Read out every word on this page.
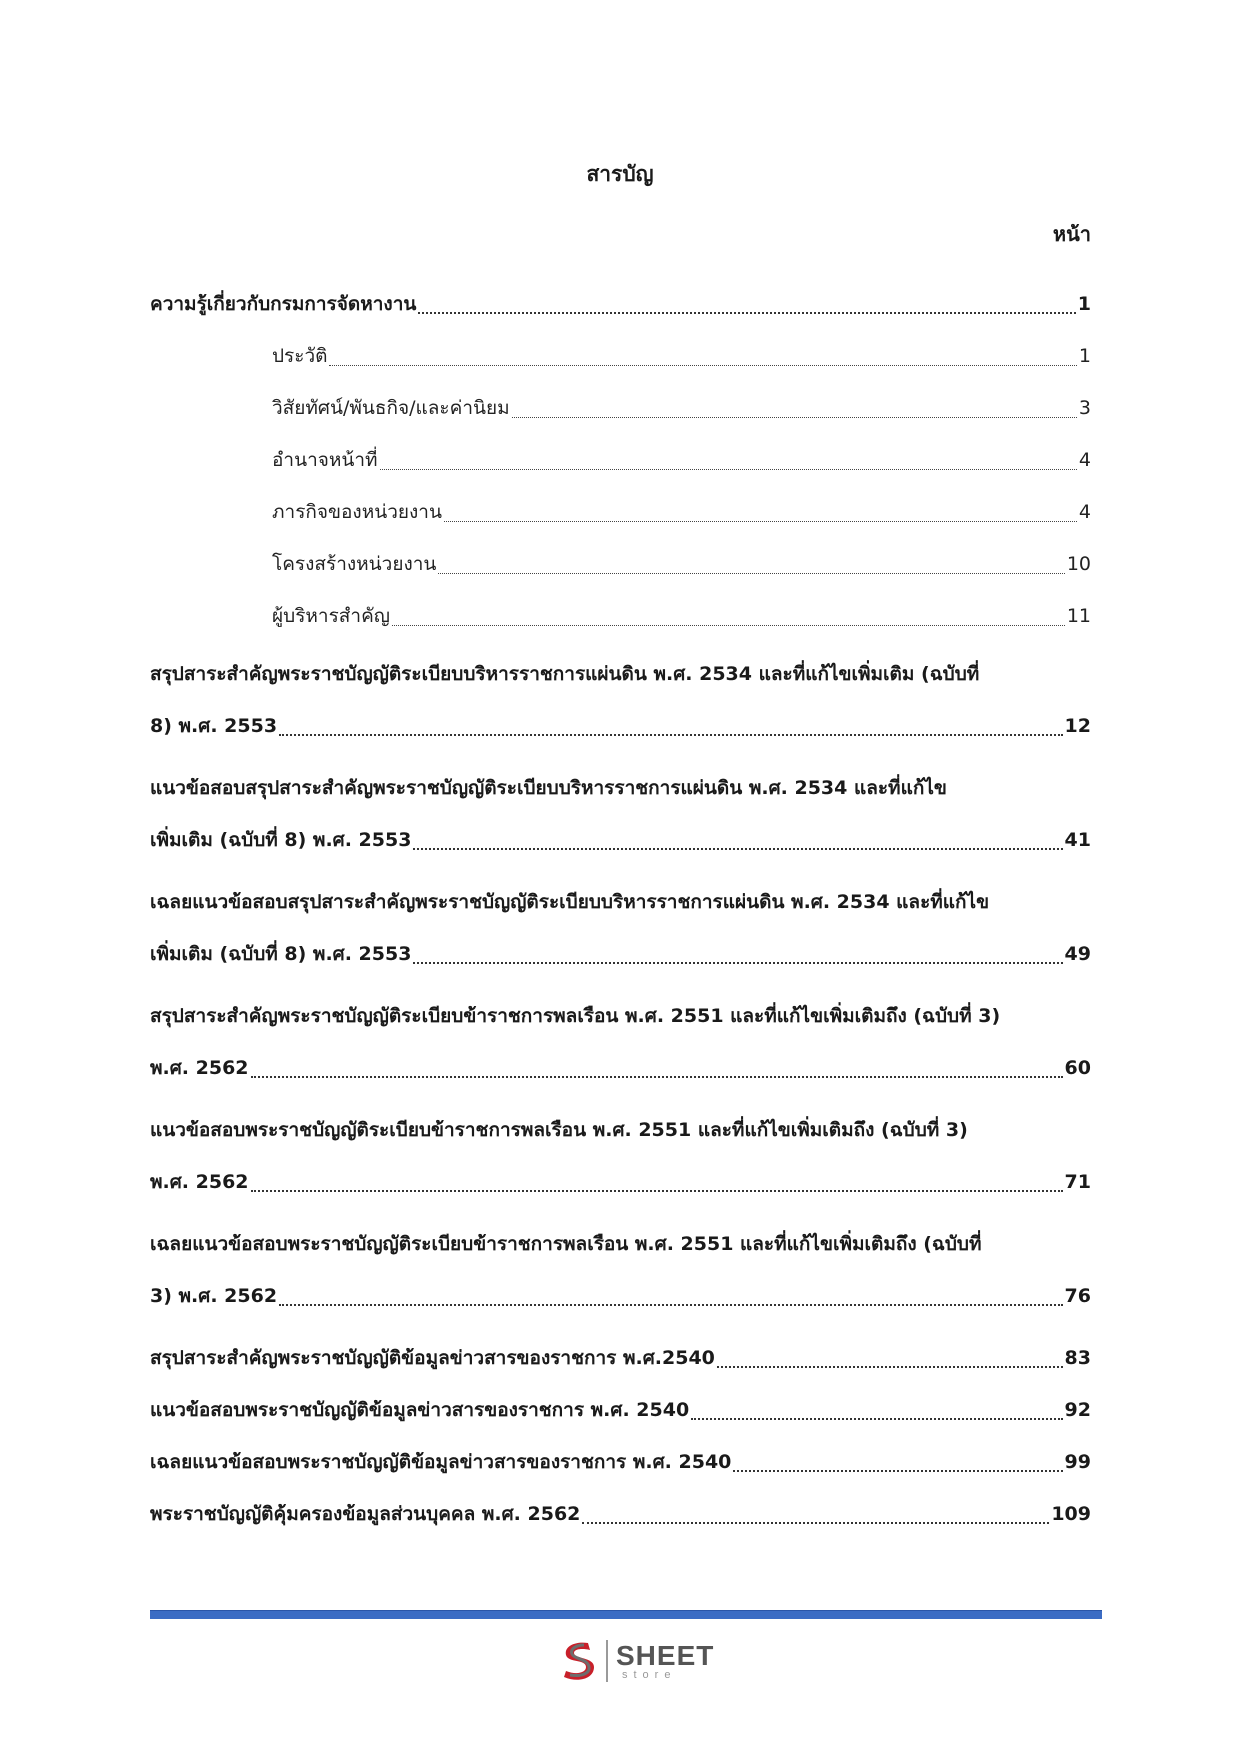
สารบัญ
หน้า
ความรู้เกี่ยวกับกรมการจัดหางาน	1
ประวัติ	1
วิสัยทัศน์/พันธกิจ/และค่านิยม	3
อำนาจหน้าที่	4
ภารกิจของหน่วยงาน	4
โครงสร้างหน่วยงาน	10
ผู้บริหารสำคัญ	11
สรุปสาระสำคัญพระราชบัญญัติระเบียบบริหารราชการแผ่นดิน พ.ศ. 2534 และที่แก้ไขเพิ่มเติม (ฉบับที่
8) พ.ศ. 2553	12
แนวข้อสอบสรุปสาระสำคัญพระราชบัญญัติระเบียบบริหารราชการแผ่นดิน พ.ศ. 2534 และที่แก้ไข
เพิ่มเติม (ฉบับที่ 8) พ.ศ. 2553	41
เฉลยแนวข้อสอบสรุปสาระสำคัญพระราชบัญญัติระเบียบบริหารราชการแผ่นดิน พ.ศ. 2534 และที่แก้ไข
เพิ่มเติม (ฉบับที่ 8) พ.ศ. 2553	49
สรุปสาระสำคัญพระราชบัญญัติระเบียบข้าราชการพลเรือน พ.ศ. 2551 และที่แก้ไขเพิ่มเติมถึง (ฉบับที่ 3)
พ.ศ. 2562	60
แนวข้อสอบพระราชบัญญัติระเบียบข้าราชการพลเรือน พ.ศ. 2551 และที่แก้ไขเพิ่มเติมถึง (ฉบับที่ 3)
พ.ศ. 2562	71
เฉลยแนวข้อสอบพระราชบัญญัติระเบียบข้าราชการพลเรือน พ.ศ. 2551 และที่แก้ไขเพิ่มเติมถึง (ฉบับที่
3) พ.ศ. 2562	76
สรุปสาระสำคัญพระราชบัญญัติข้อมูลข่าวสารของราชการ พ.ศ.2540	83
แนวข้อสอบพระราชบัญญัติข้อมูลข่าวสารของราชการ พ.ศ. 2540	92
เฉลยแนวข้อสอบพระราชบัญญัติข้อมูลข่าวสารของราชการ พ.ศ. 2540	99
พระราชบัญญัติคุ้มครองข้อมูลส่วนบุคคล พ.ศ. 2562	109
SHEET
store
